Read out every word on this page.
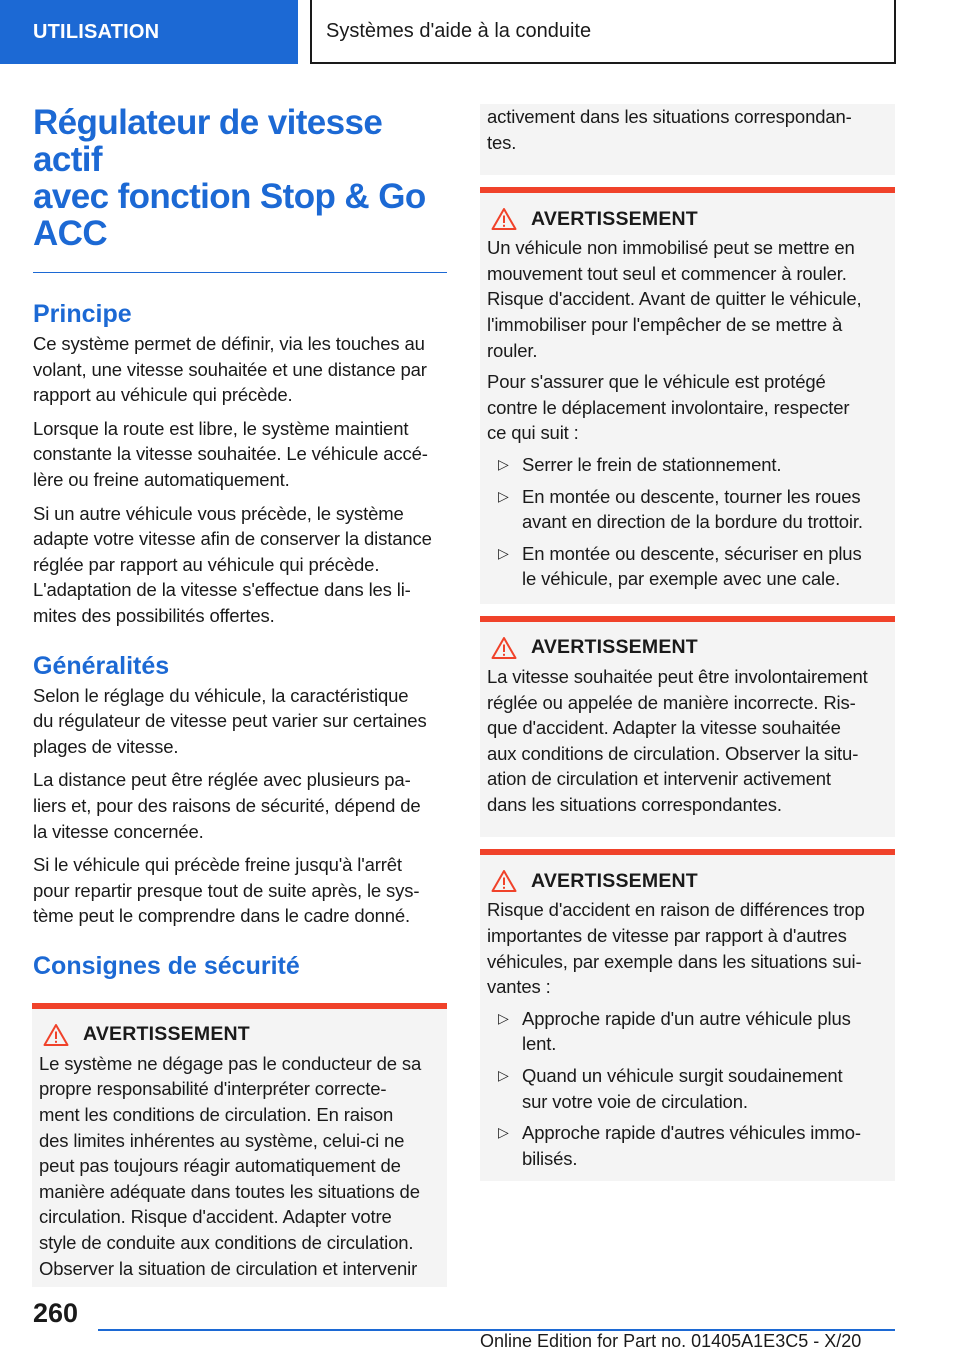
UTILISATION	Systèmes d'aide à la conduite
Régulateur de vitesse actif
avec fonction Stop & Go
ACC
Principe

Ce système permet de définir, via les touches au

volant, une vitesse souhaitée et une distance par

rapport au véhicule qui précède.

Lorsque la route est libre, le système maintient

constante la vitesse souhaitée. Le véhicule accé-

lère ou freine automatiquement.

Si un autre véhicule vous précède, le système

adapte votre vitesse afin de conserver la distance

réglée par rapport au véhicule qui précède.

L'adaptation de la vitesse s'effectue dans les li-

mites des possibilités offertes.

Généralités

Selon le réglage du véhicule, la caractéristique

du régulateur de vitesse peut varier sur certaines

plages de vitesse.

La distance peut être réglée avec plusieurs pa-

liers et, pour des raisons de sécurité, dépend de

la vitesse concernée.

Si le véhicule qui précède freine jusqu'à l'arrêt

pour repartir presque tout de suite après, le sys-

tème peut le comprendre dans le cadre donné.

Consignes de sécurité
AVERTISSEMENT

Le système ne dégage pas le conducteur de sa

propre responsabilité d'interpréter correcte-

ment les conditions de circulation. En raison

des limites inhérentes au système, celui-ci ne

peut pas toujours réagir automatiquement de

manière adéquate dans toutes les situations de

circulation. Risque d'accident. Adapter votre

style de conduite aux conditions de circulation.

Observer la situation de circulation et intervenir

activement dans les situations correspondan-

tes.

AVERTISSEMENT

Un véhicule non immobilisé peut se mettre en

mouvement tout seul et commencer à rouler.

Risque d'accident. Avant de quitter le véhicule,

l'immobiliser pour l'empêcher de se mettre à

rouler.

Pour s'assurer que le véhicule est protégé

contre le déplacement involontaire, respecter

ce qui suit :

▷ Serrer le frein de stationnement.
▷ En montée ou descente, tourner les roues
avant en direction de la bordure du trottoir.
▷ En montée ou descente, sécuriser en plus
le véhicule, par exemple avec une cale.
AVERTISSEMENT

La vitesse souhaitée peut être involontairement

réglée ou appelée de manière incorrecte. Ris-

que d'accident. Adapter la vitesse souhaitée

aux conditions de circulation. Observer la situ-

ation de circulation et intervenir activement

dans les situations correspondantes.

AVERTISSEMENT

Risque d'accident en raison de différences trop

importantes de vitesse par rapport à d'autres

véhicules, par exemple dans les situations sui-

vantes :

▷ Approche rapide d'un autre véhicule plus
lent.
▷ Quand un véhicule surgit soudainement
sur votre voie de circulation.
▷ Approche rapide d'autres véhicules immo-
bilisés.
260
Online Edition for Part no. 01405A1E3C5 - X/20
